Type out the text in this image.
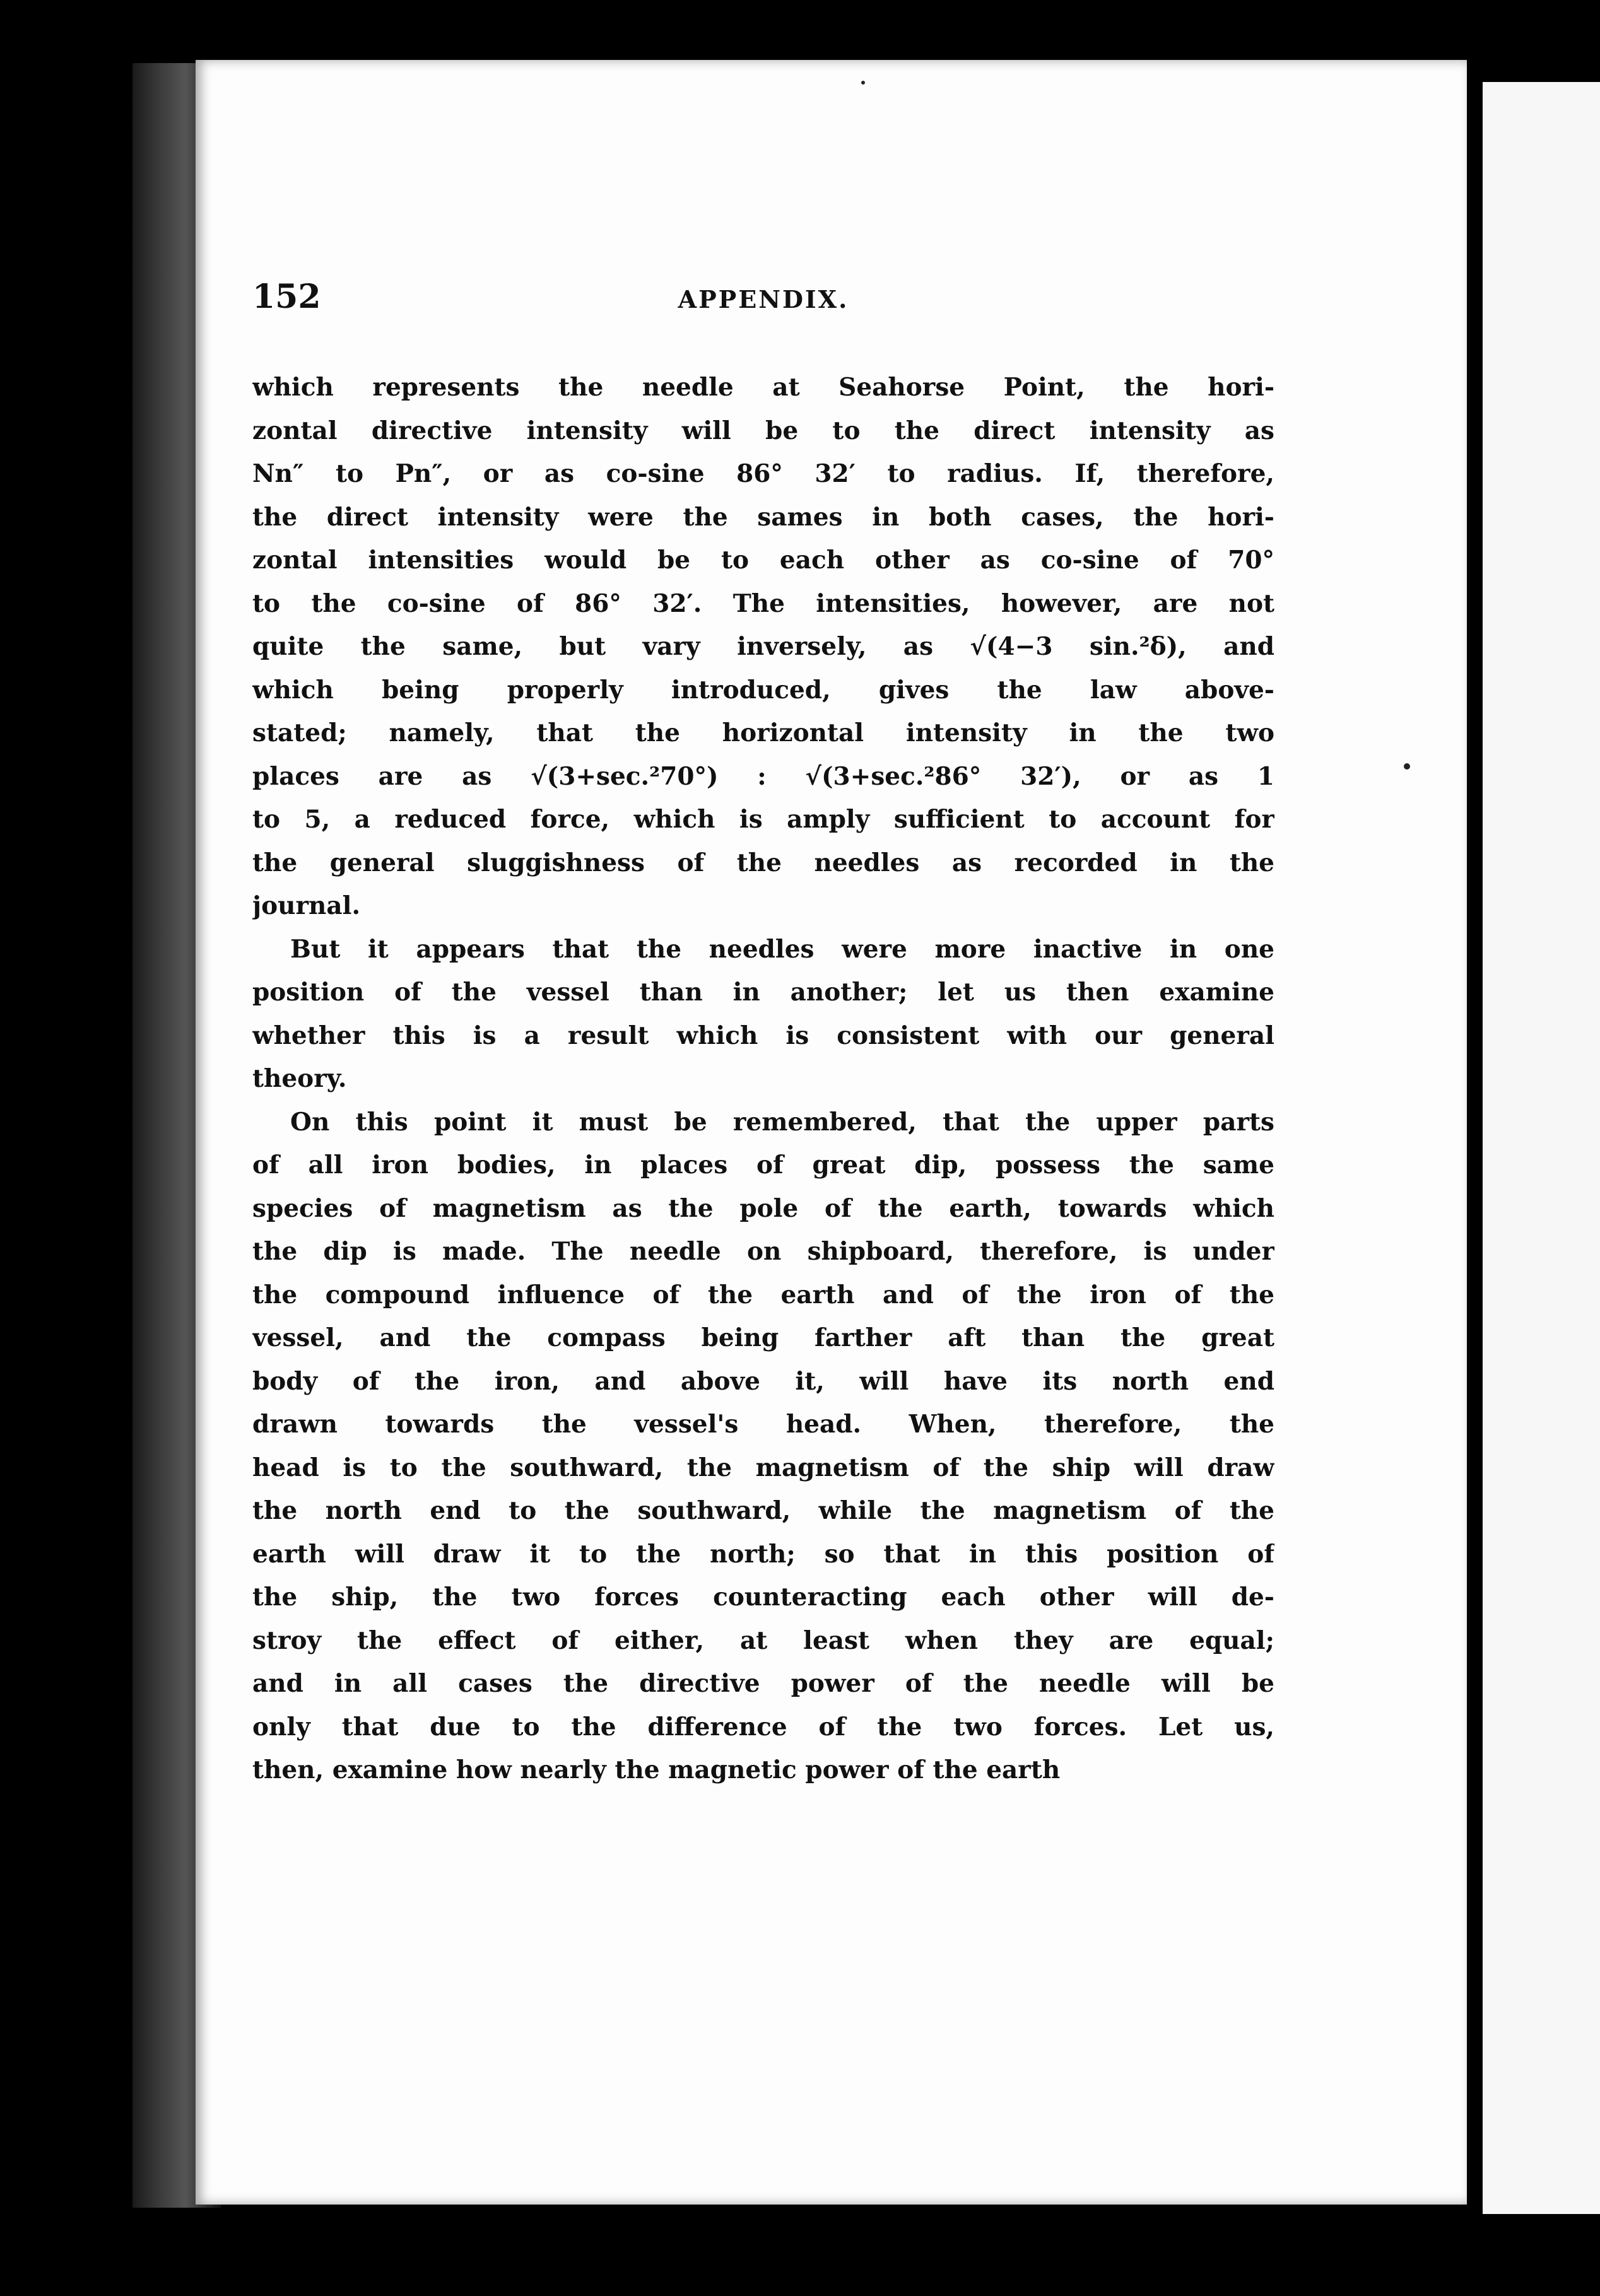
152	APPENDIX.
which represents the needle at Seahorse Point, the hori-
zontal directive intensity will be to the direct intensity as
Nn″ to Pn″, or as co-sine 86° 32′ to radius. If, therefore,
the direct intensity were the sames in both cases, the hori-
zontal intensities would be to each other as co-sine of 70°
to the co-sine of 86° 32′. The intensities, however, are not
quite the same, but vary inversely, as √(4−3 sin.²δ), and
which being properly introduced, gives the law above-
stated; namely, that the horizontal intensity in the two
places are as √(3+sec.²70°) : √(3+sec.²86° 32′), or as 1
to 5, a reduced force, which is amply sufficient to account for
the general sluggishness of the needles as recorded in the
journal.
But it appears that the needles were more inactive in one
position of the vessel than in another; let us then examine
whether this is a result which is consistent with our general
theory.
On this point it must be remembered, that the upper parts
of all iron bodies, in places of great dip, possess the same
species of magnetism as the pole of the earth, towards which
the dip is made. The needle on shipboard, therefore, is under
the compound influence of the earth and of the iron of the
vessel, and the compass being farther aft than the great
body of the iron, and above it, will have its north end
drawn towards the vessel's head. When, therefore, the
head is to the southward, the magnetism of the ship will draw
the north end to the southward, while the magnetism of the
earth will draw it to the north; so that in this position of
the ship, the two forces counteracting each other will de-
stroy the effect of either, at least when they are equal;
and in all cases the directive power of the needle will be
only that due to the difference of the two forces. Let us,
then, examine how nearly the magnetic power of the earth
